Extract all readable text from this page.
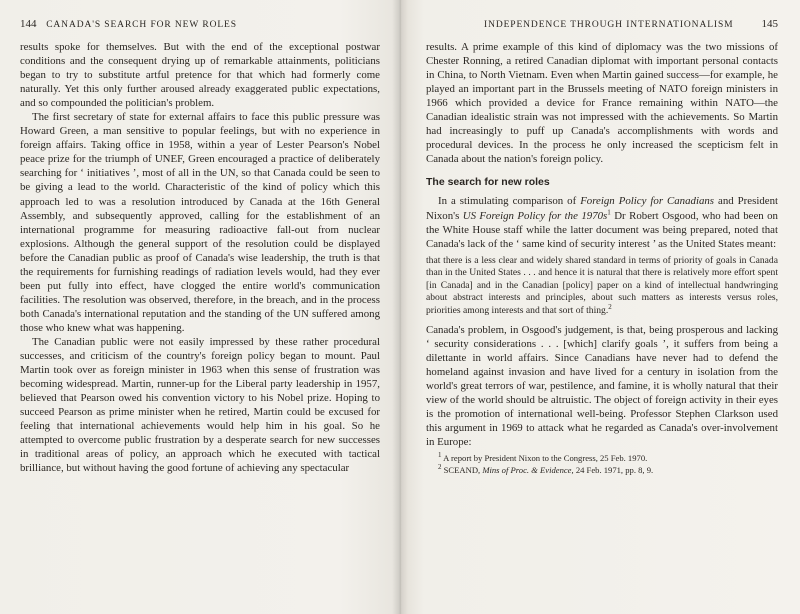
144 CANADA'S SEARCH FOR NEW ROLES

results spoke for themselves. But with the end of the exceptional postwar conditions and the consequent drying up of remarkable attainments, politicians began to try to substitute artful pretence for that which had formerly come naturally. Yet this only further aroused already exaggerated public expectations, and so compounded the politician's problem.

The first secretary of state for external affairs to face this public pressure was Howard Green, a man sensitive to popular feelings, but with no experience in foreign affairs. Taking office in 1958, within a year of Lester Pearson's Nobel peace prize for the triumph of UNEF, Green encouraged a practice of deliberately searching for ‘ initiatives ’, most of all in the UN, so that Canada could be seen to be giving a lead to the world. Characteristic of the kind of policy which this approach led to was a resolution introduced by Canada at the 16th General Assembly, and subsequently approved, calling for the establishment of an international programme for measuring radioactive fall-out from nuclear explosions. Although the general support of the resolution could be displayed before the Canadian public as proof of Canada's wise leadership, the truth is that the requirements for furnishing readings of radiation levels would, had they ever been put fully into effect, have clogged the entire world's communication facilities. The resolution was observed, therefore, in the breach, and in the process both Canada's international reputation and the standing of the UN suffered among those who knew what was happening.

The Canadian public were not easily impressed by these rather procedural successes, and criticism of the country's foreign policy began to mount. Paul Martin took over as foreign minister in 1963 when this sense of frustration was becoming widespread. Martin, runner-up for the Liberal party leadership in 1957, believed that Pearson owed his convention victory to his Nobel prize. Hoping to succeed Pearson as prime minister when he retired, Martin could be excused for feeling that international achievements would help him in his goal. So he attempted to overcome public frustration by a desperate search for new successes in traditional areas of policy, an approach which he executed with tactical brilliance, but without having the good fortune of achieving any spectacular

INDEPENDENCE THROUGH INTERNATIONALISM	145

results. A prime example of this kind of diplomacy was the two missions of Chester Ronning, a retired Canadian diplomat with important personal contacts in China, to North Vietnam. Even when Martin gained success—for example, he played an important part in the Brussels meeting of NATO foreign ministers in 1966 which provided a device for France remaining within NATO—the Canadian idealistic strain was not impressed with the achievements. So Martin had increasingly to puff up Canada's accomplishments with words and procedural devices. In the process he only increased the scepticism felt in Canada about the nation's foreign policy.

The search for new roles

In a stimulating comparison of Foreign Policy for Canadians and President Nixon's US Foreign Policy for the $1970s^1$ Dr Robert Osgood, who had been on the White House staff while the latter document was being prepared, noted that Canada's lack of the ‘ same kind of security interest ’ as the United States meant:

that there is a less clear and widely shared standard in terms of priority of goals in Canada than in the United States . . . and hence it is natural that there is relatively more effort spent [in Canada] and in the Canadian [policy] paper on a kind of intellectual handwringing about abstract interests and principles, about such matters as interests versus roles, priorities among interests and that sort of thing.$^2$

Canada's problem, in Osgood's judgement, is that, being prosperous and lacking ‘ security considerations . . . [which] clarify goals ’, it suffers from being a dilettante in world affairs. Since Canadians have never had to defend the homeland against invasion and have lived for a century in isolation from the world's great terrors of war, pestilence, and famine, it is wholly natural that their view of the world should be altruistic. The object of foreign activity in their eyes is the promotion of international well-being. Professor Stephen Clarkson used this argument in 1969 to attack what he regarded as Canada's over-involvement in Europe:

$^1$ A report by President Nixon to the Congress, 25 Feb. 1970.
$^2$ SCEAND, Mins of Proc. & Evidence, 24 Feb. 1971, pp. 8, 9.
